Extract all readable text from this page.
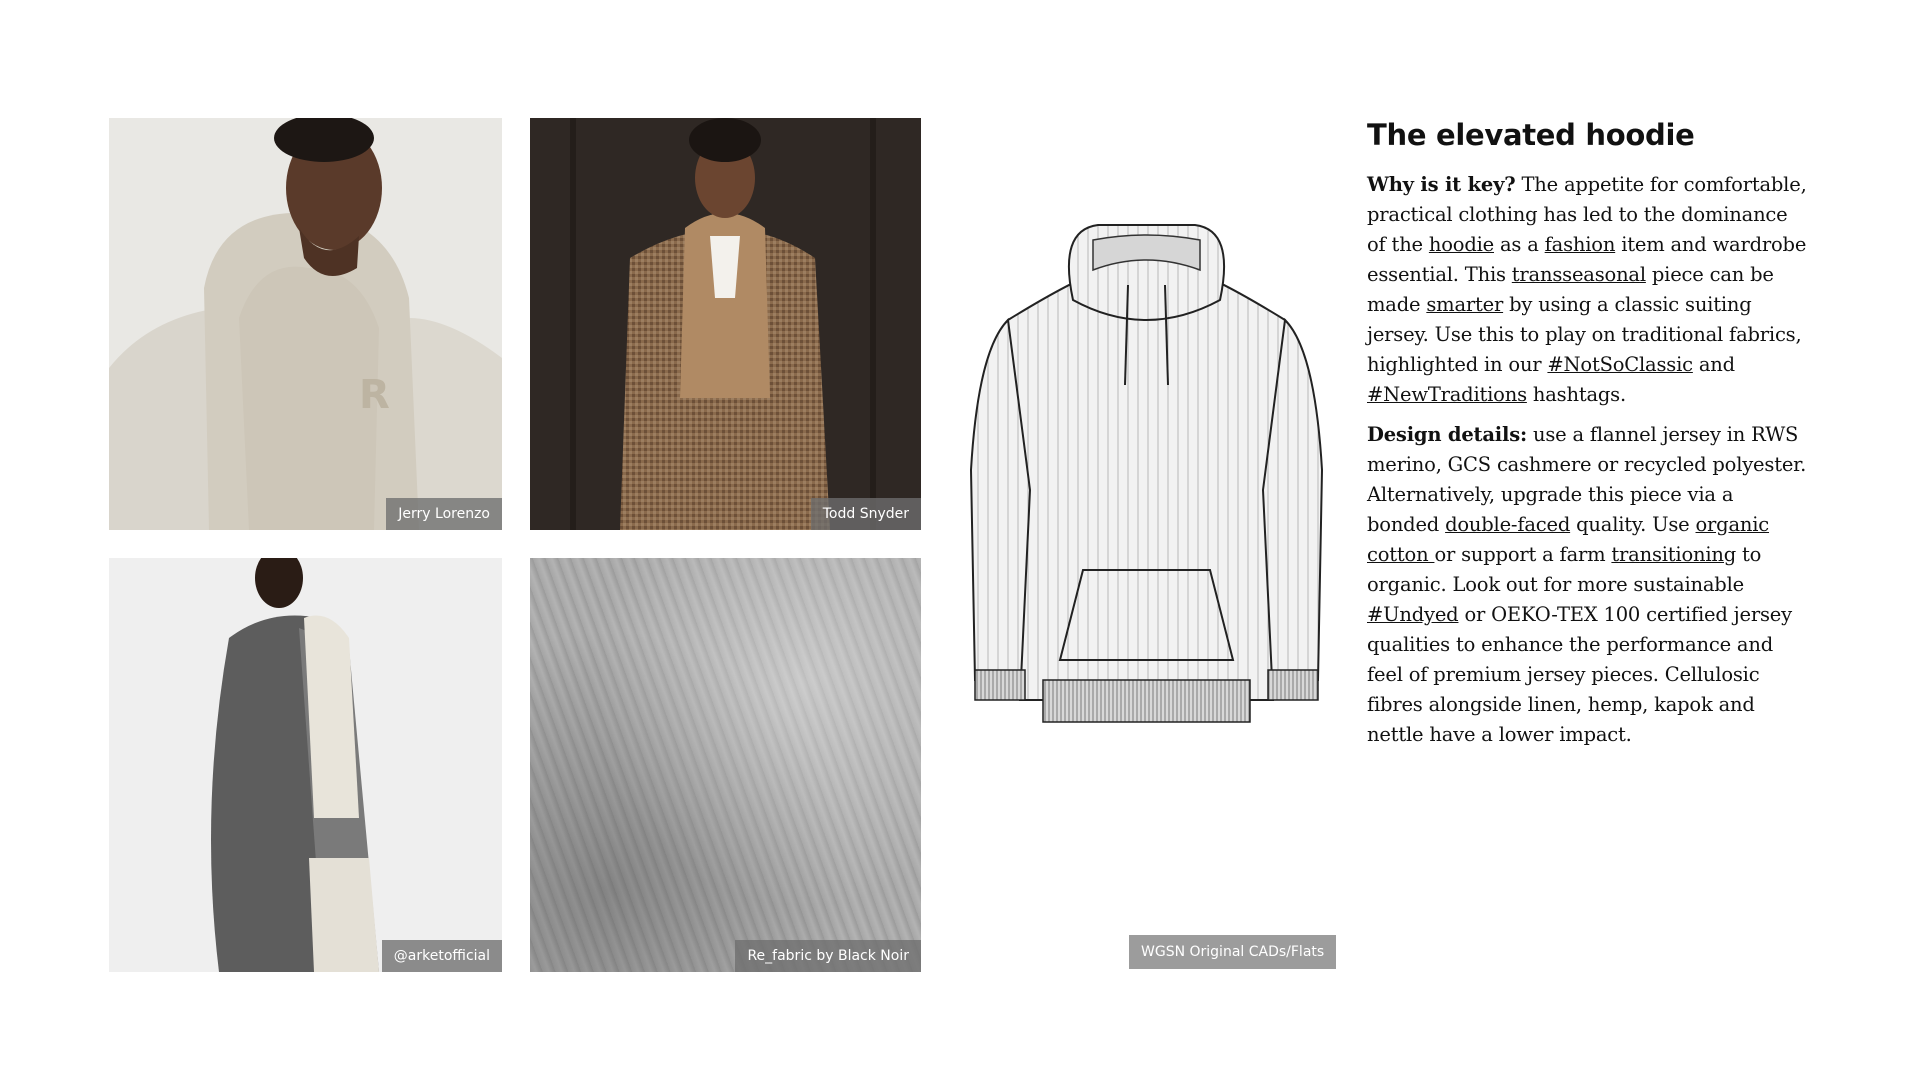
R
Jerry Lorenzo	Todd Snyder
@arketofficial	Re_fabric by Black Noir	WGSN Original CADs/Flats
The elevated hoodie

Why is it key? The appetite for comfortable, practical clothing has led to the dominance of the hoodie as a fashion item and wardrobe essential. This transseasonal piece can be made smarter by using a classic suiting jersey. Use this to play on traditional fabrics, highlighted in our #NotSoClassic and #NewTraditions hashtags.

Design details: use a flannel jersey in RWS merino, GCS cashmere or recycled polyester. Alternatively, upgrade this piece via a bonded double-faced quality. Use organic cotton or support a farm transitioning to organic. Look out for more sustainable #Undyed or OEKO-TEX 100 certified jersey qualities to enhance the performance and feel of premium jersey pieces. Cellulosic fibres alongside linen, hemp, kapok and nettle have a lower impact.
